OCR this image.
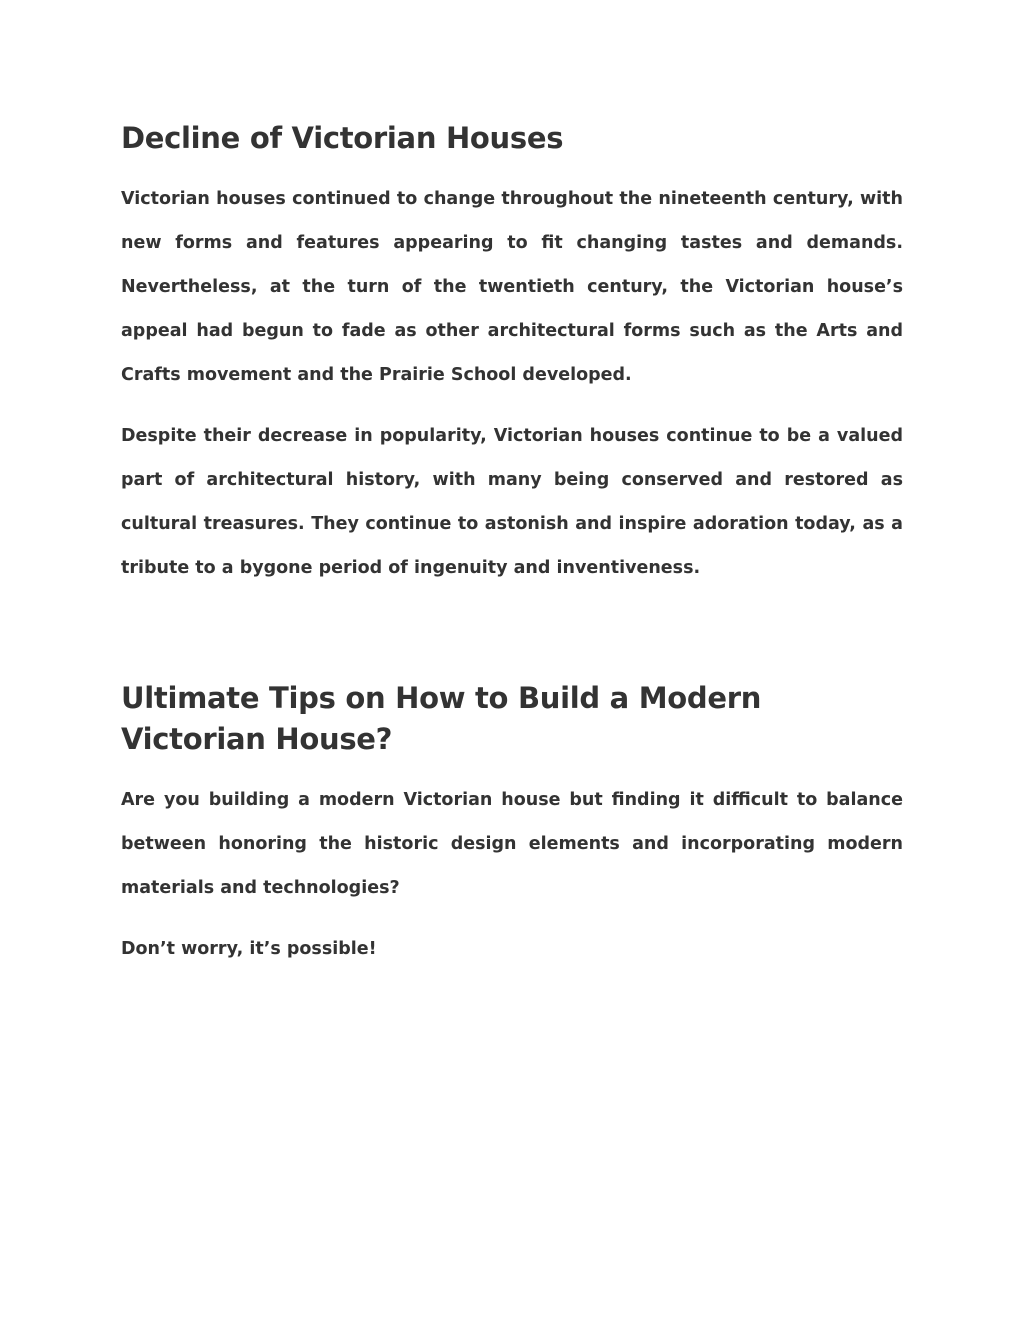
Decline of Victorian Houses

Victorian houses continued to change throughout the nineteenth century, with new forms and features appearing to fit changing tastes and demands. Nevertheless, at the turn of the twentieth century, the Victorian house’s appeal had begun to fade as other architectural forms such as the Arts and Crafts movement and the Prairie School developed.

Despite their decrease in popularity, Victorian houses continue to be a valued part of architectural history, with many being conserved and restored as cultural treasures. They continue to astonish and inspire adoration today, as a tribute to a bygone period of ingenuity and inventiveness.

Ultimate Tips on How to Build a Modern Victorian House?

Are you building a modern Victorian house but finding it difficult to balance between honoring the historic design elements and incorporating modern materials and technologies?

Don’t worry, it’s possible!
